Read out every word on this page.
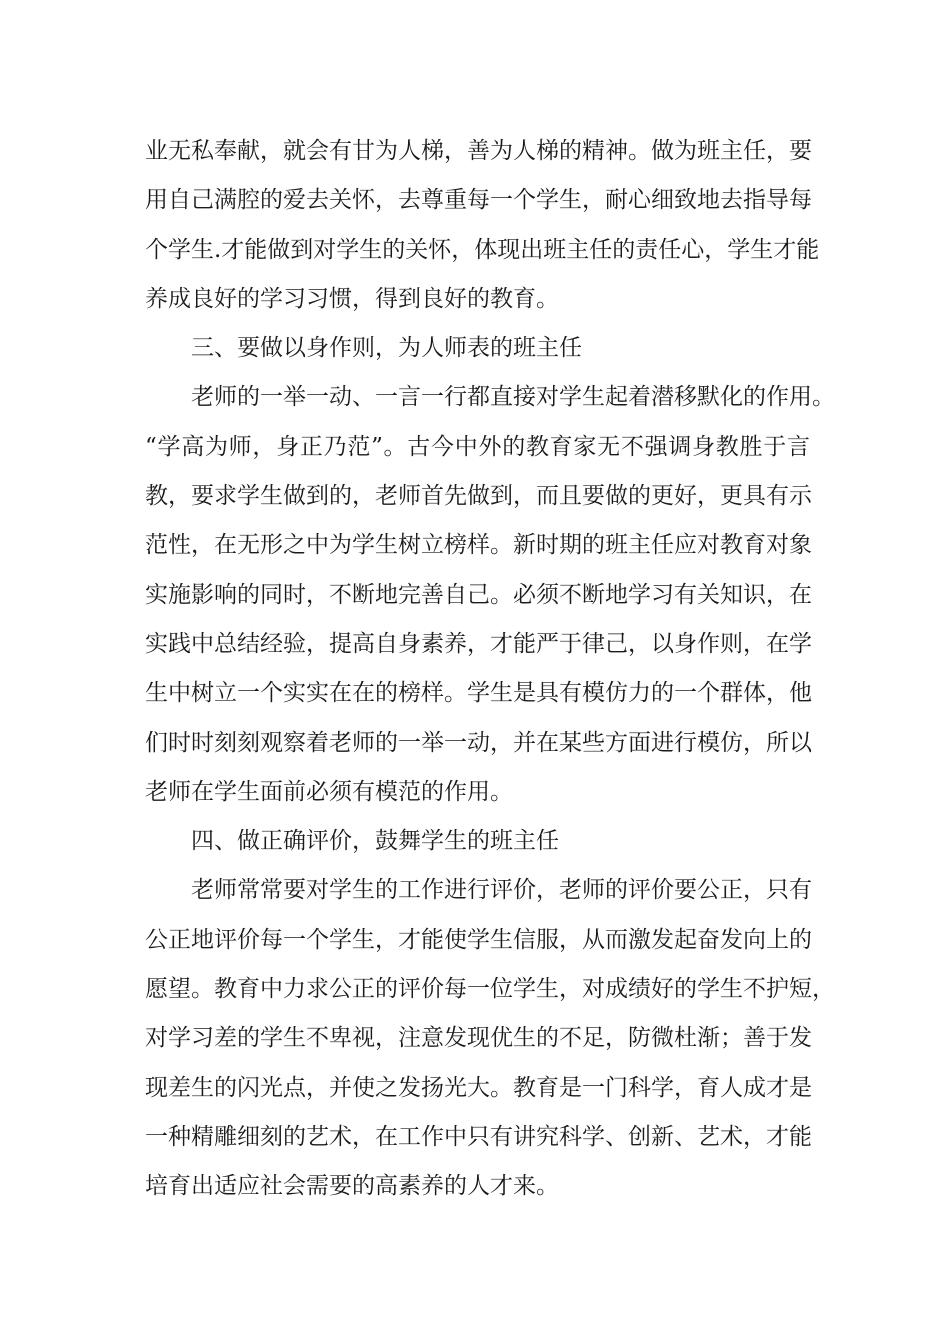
业无私奉献，就会有甘为人梯，善为人梯的精神。做为班主任，要
用自己满腔的爱去关怀，去尊重每一个学生，耐心细致地去指导每
个学生.才能做到对学生的关怀，体现出班主任的责任心，学生才能
养成良好的学习习惯，得到良好的教育。
三、要做以身作则，为人师表的班主任
老师的一举一动、一言一行都直接对学生起着潜移默化的作用。
“学高为师，身正乃范”。古今中外的教育家无不强调身教胜于言
教，要求学生做到的，老师首先做到，而且要做的更好，更具有示
范性，在无形之中为学生树立榜样。新时期的班主任应对教育对象
实施影响的同时，不断地完善自己。必须不断地学习有关知识，在
实践中总结经验，提高自身素养，才能严于律己，以身作则，在学
生中树立一个实实在在的榜样。学生是具有模仿力的一个群体，他
们时时刻刻观察着老师的一举一动，并在某些方面进行模仿，所以
老师在学生面前必须有模范的作用。
四、做正确评价，鼓舞学生的班主任
老师常常要对学生的工作进行评价，老师的评价要公正，只有
公正地评价每一个学生，才能使学生信服，从而激发起奋发向上的
愿望。教育中力求公正的评价每一位学生，对成绩好的学生不护短，
对学习差的学生不卑视，注意发现优生的不足，防微杜渐；善于发
现差生的闪光点，并使之发扬光大。教育是一门科学，育人成才是
一种精雕细刻的艺术，在工作中只有讲究科学、创新、艺术，才能
培育出适应社会需要的高素养的人才来。
